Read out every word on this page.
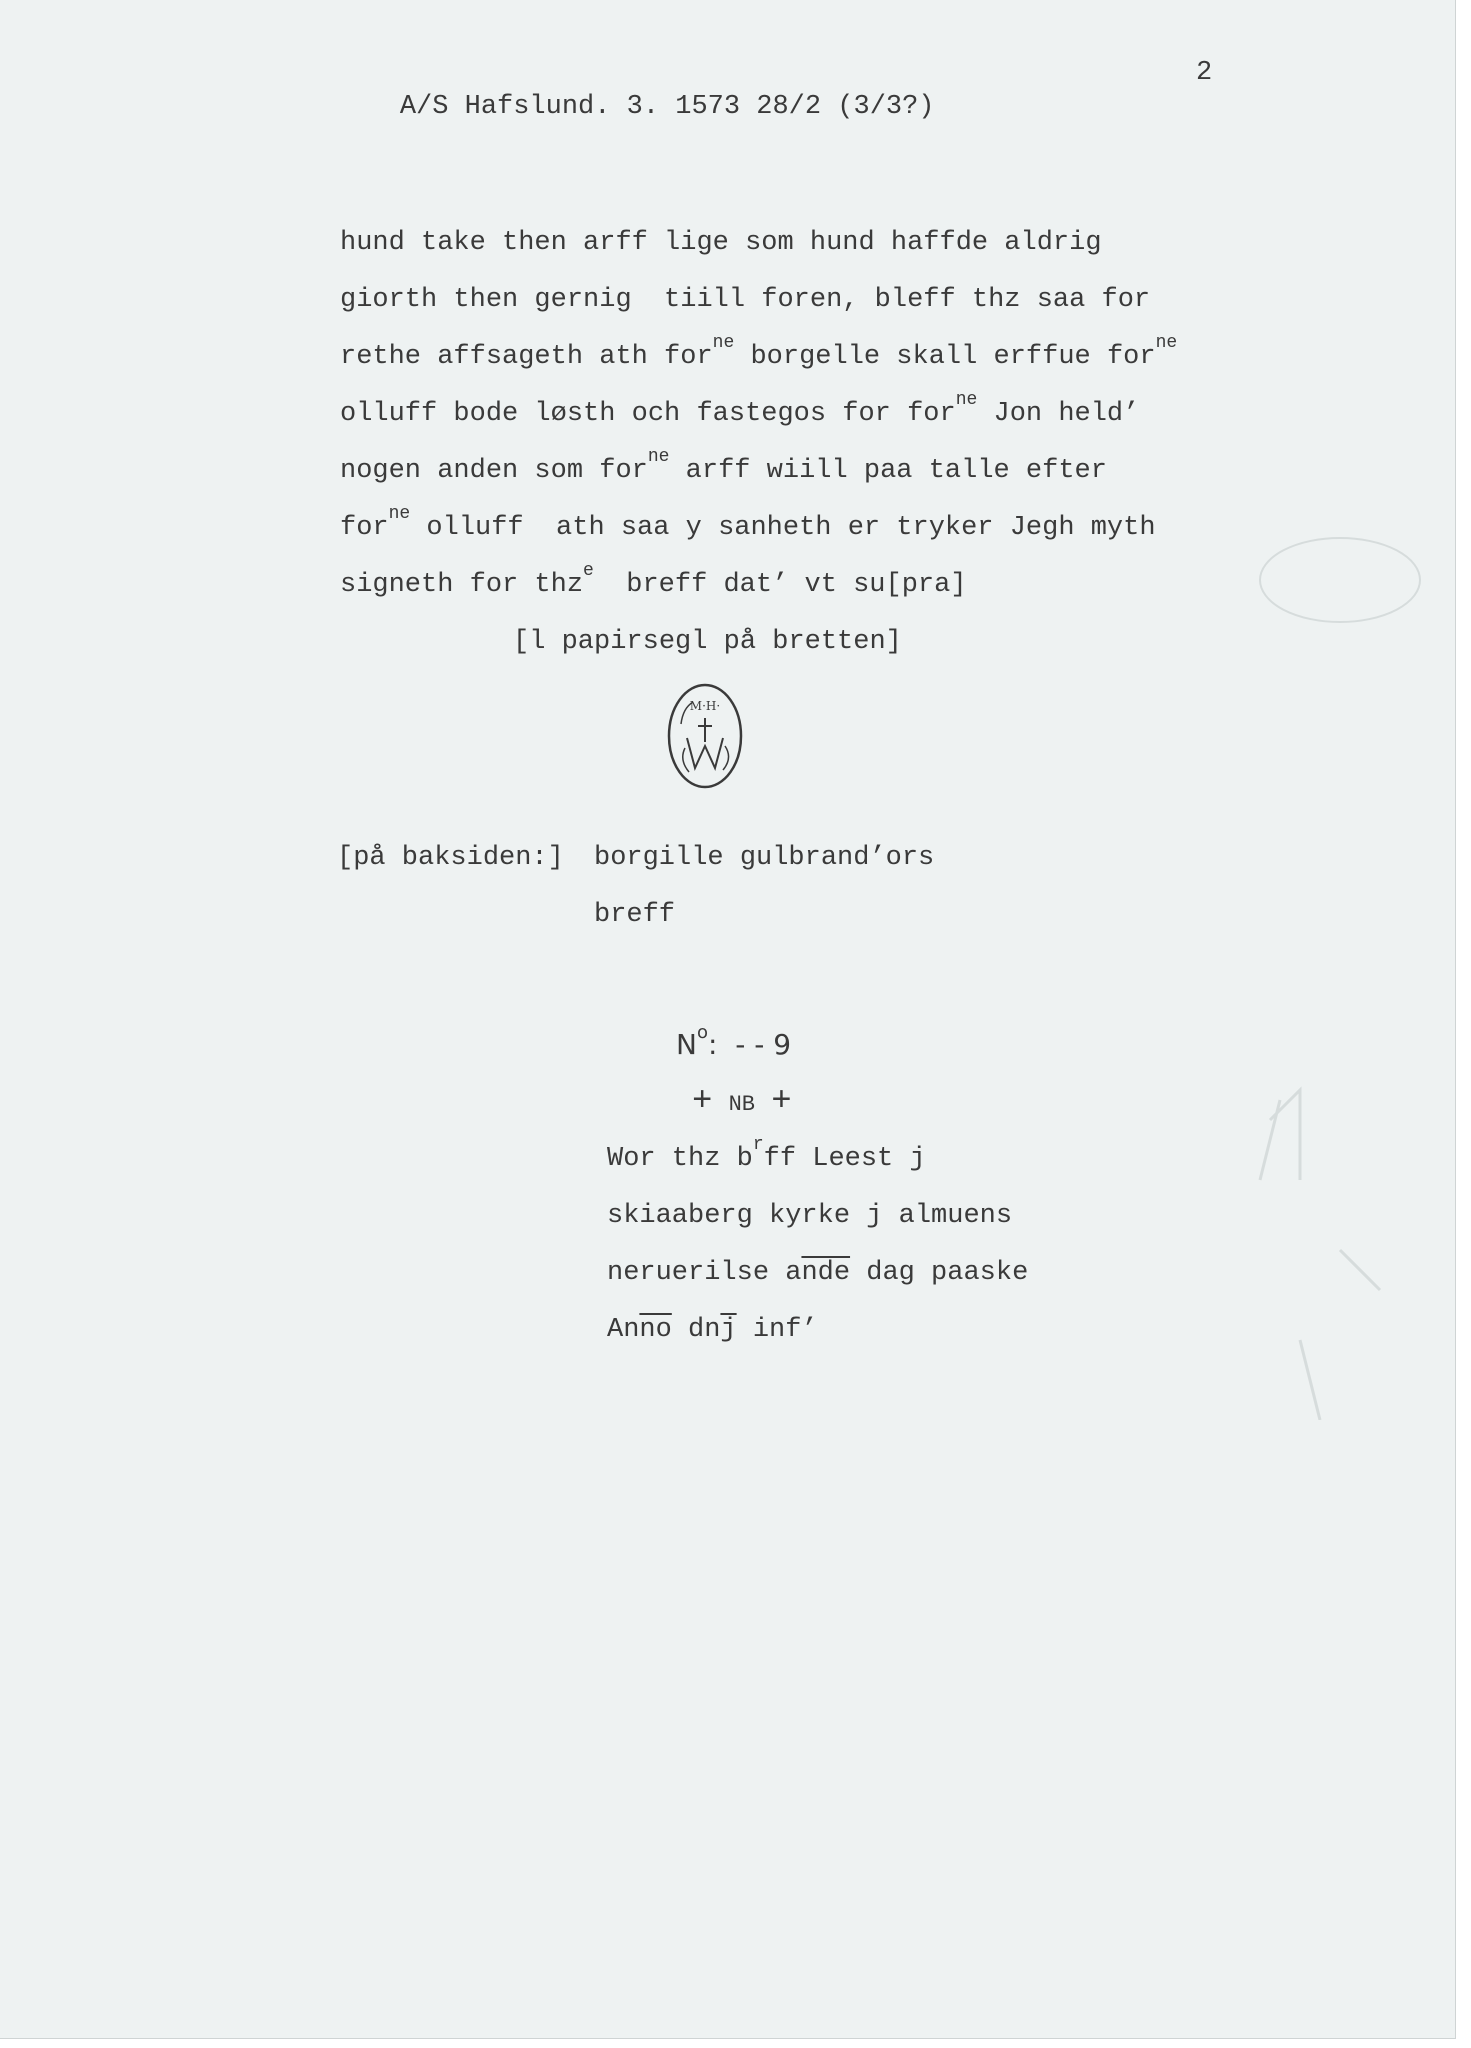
A/S Hafslund. 3. 1573 28/2 (3/3?)

2
hund take then arff lige som hund haffde aldrig
giorth then gernig  tiill foren, bleff thz saa for
rethe affsageth ath for$^{ne}$ borgelle skall erffue for$^{ne}$
olluff bode løsth och fastegos for for$^{ne}$ Jon held’
nogen anden som for$^{ne}$ arff wiill paa talle efter
for$^{ne}$ olluff  ath saa y sanheth er tryker Jegh myth
signeth for thz$^e$  breff dat’ vt su[pra]
[l papirsegl på bretten]
M·H·
[på baksiden:] borgille gulbrand’ors
breff
$N^o$:  - - 9
+ NB +
Wor thz $b^rff$ Leest j
skiaaberg kyrke j almuens
neruerilse $a\overline{nde}$ dag paaske
$An\overline{no}$ $dn\overline{j}$ inf’
